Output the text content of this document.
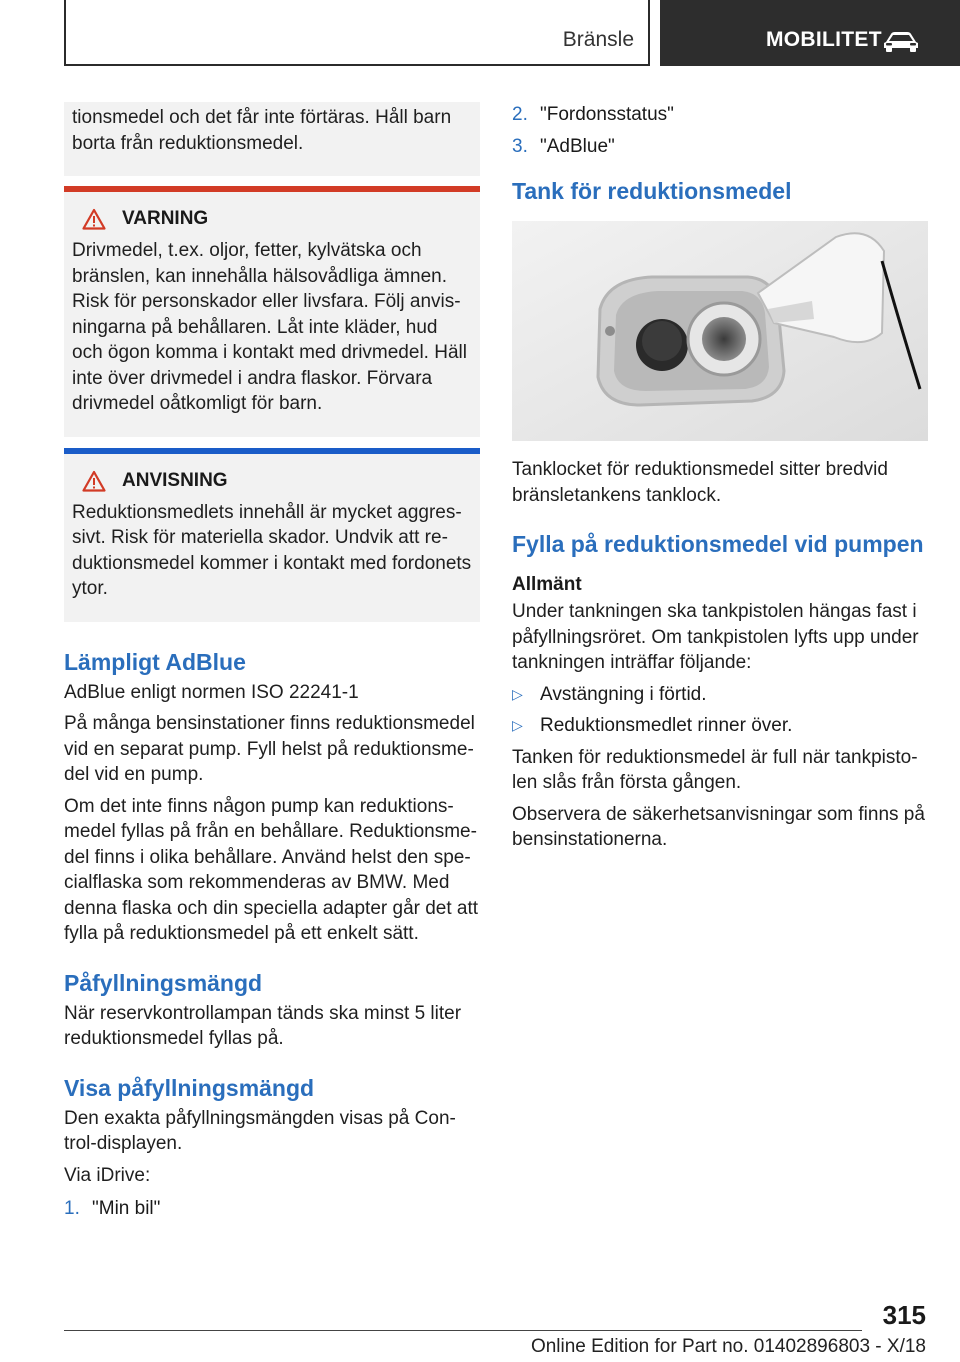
Bränsle	MOBILITET
tionsmedel och det får inte förtäras. Håll barn borta från reduktionsmedel.
VARNING
Drivmedel, t.ex. oljor, fetter, kylvätska och bränslen, kan innehålla hälsovådliga ämnen. Risk för personskador eller livsfara. Följ anvisningarna på behållaren. Låt inte kläder, hud och ögon komma i kontakt med drivmedel. Häll inte över drivmedel i andra flaskor. Förvara drivmedel oåtkomligt för barn.
ANVISNING
Reduktionsmedlets innehåll är mycket aggressivt. Risk för materiella skador. Undvik att reduktionsmedel kommer i kontakt med fordonets ytor.
Lämpligt AdBlue
AdBlue enligt normen ISO 22241-1
På många bensinstationer finns reduktionsmedel vid en separat pump. Fyll helst på reduktionsmedel vid en pump.
Om det inte finns någon pump kan reduktionsmedel fyllas på från en behållare. Reduktionsmedel finns i olika behållare. Använd helst den specialflaska som rekommenderas av BMW. Med denna flaska och din speciella adapter går det att fylla på reduktionsmedel på ett enkelt sätt.
Påfyllningsmängd
När reservkontrollampan tänds ska minst 5 liter reduktionsmedel fyllas på.
Visa påfyllningsmängd
Den exakta påfyllningsmängden visas på Control-displayen.
Via iDrive:
1. "Min bil"
2. "Fordonsstatus"
3. "AdBlue"
Tank för reduktionsmedel
Tanklocket för reduktionsmedel sitter bredvid bränsletankens tanklock.
Fylla på reduktionsmedel vid pumpen
Allmänt
Under tankningen ska tankpistolen hängas fast i påfyllningsröret. Om tankpistolen lyfts upp under tankningen inträffar följande:
▷ Avstängning i förtid.
▷ Reduktionsmedlet rinner över.
Tanken för reduktionsmedel är full när tankpistolen slås från första gången.
Observera de säkerhetsanvisningar som finns på bensinstationerna.
315
Online Edition for Part no. 01402896803 - X/18
